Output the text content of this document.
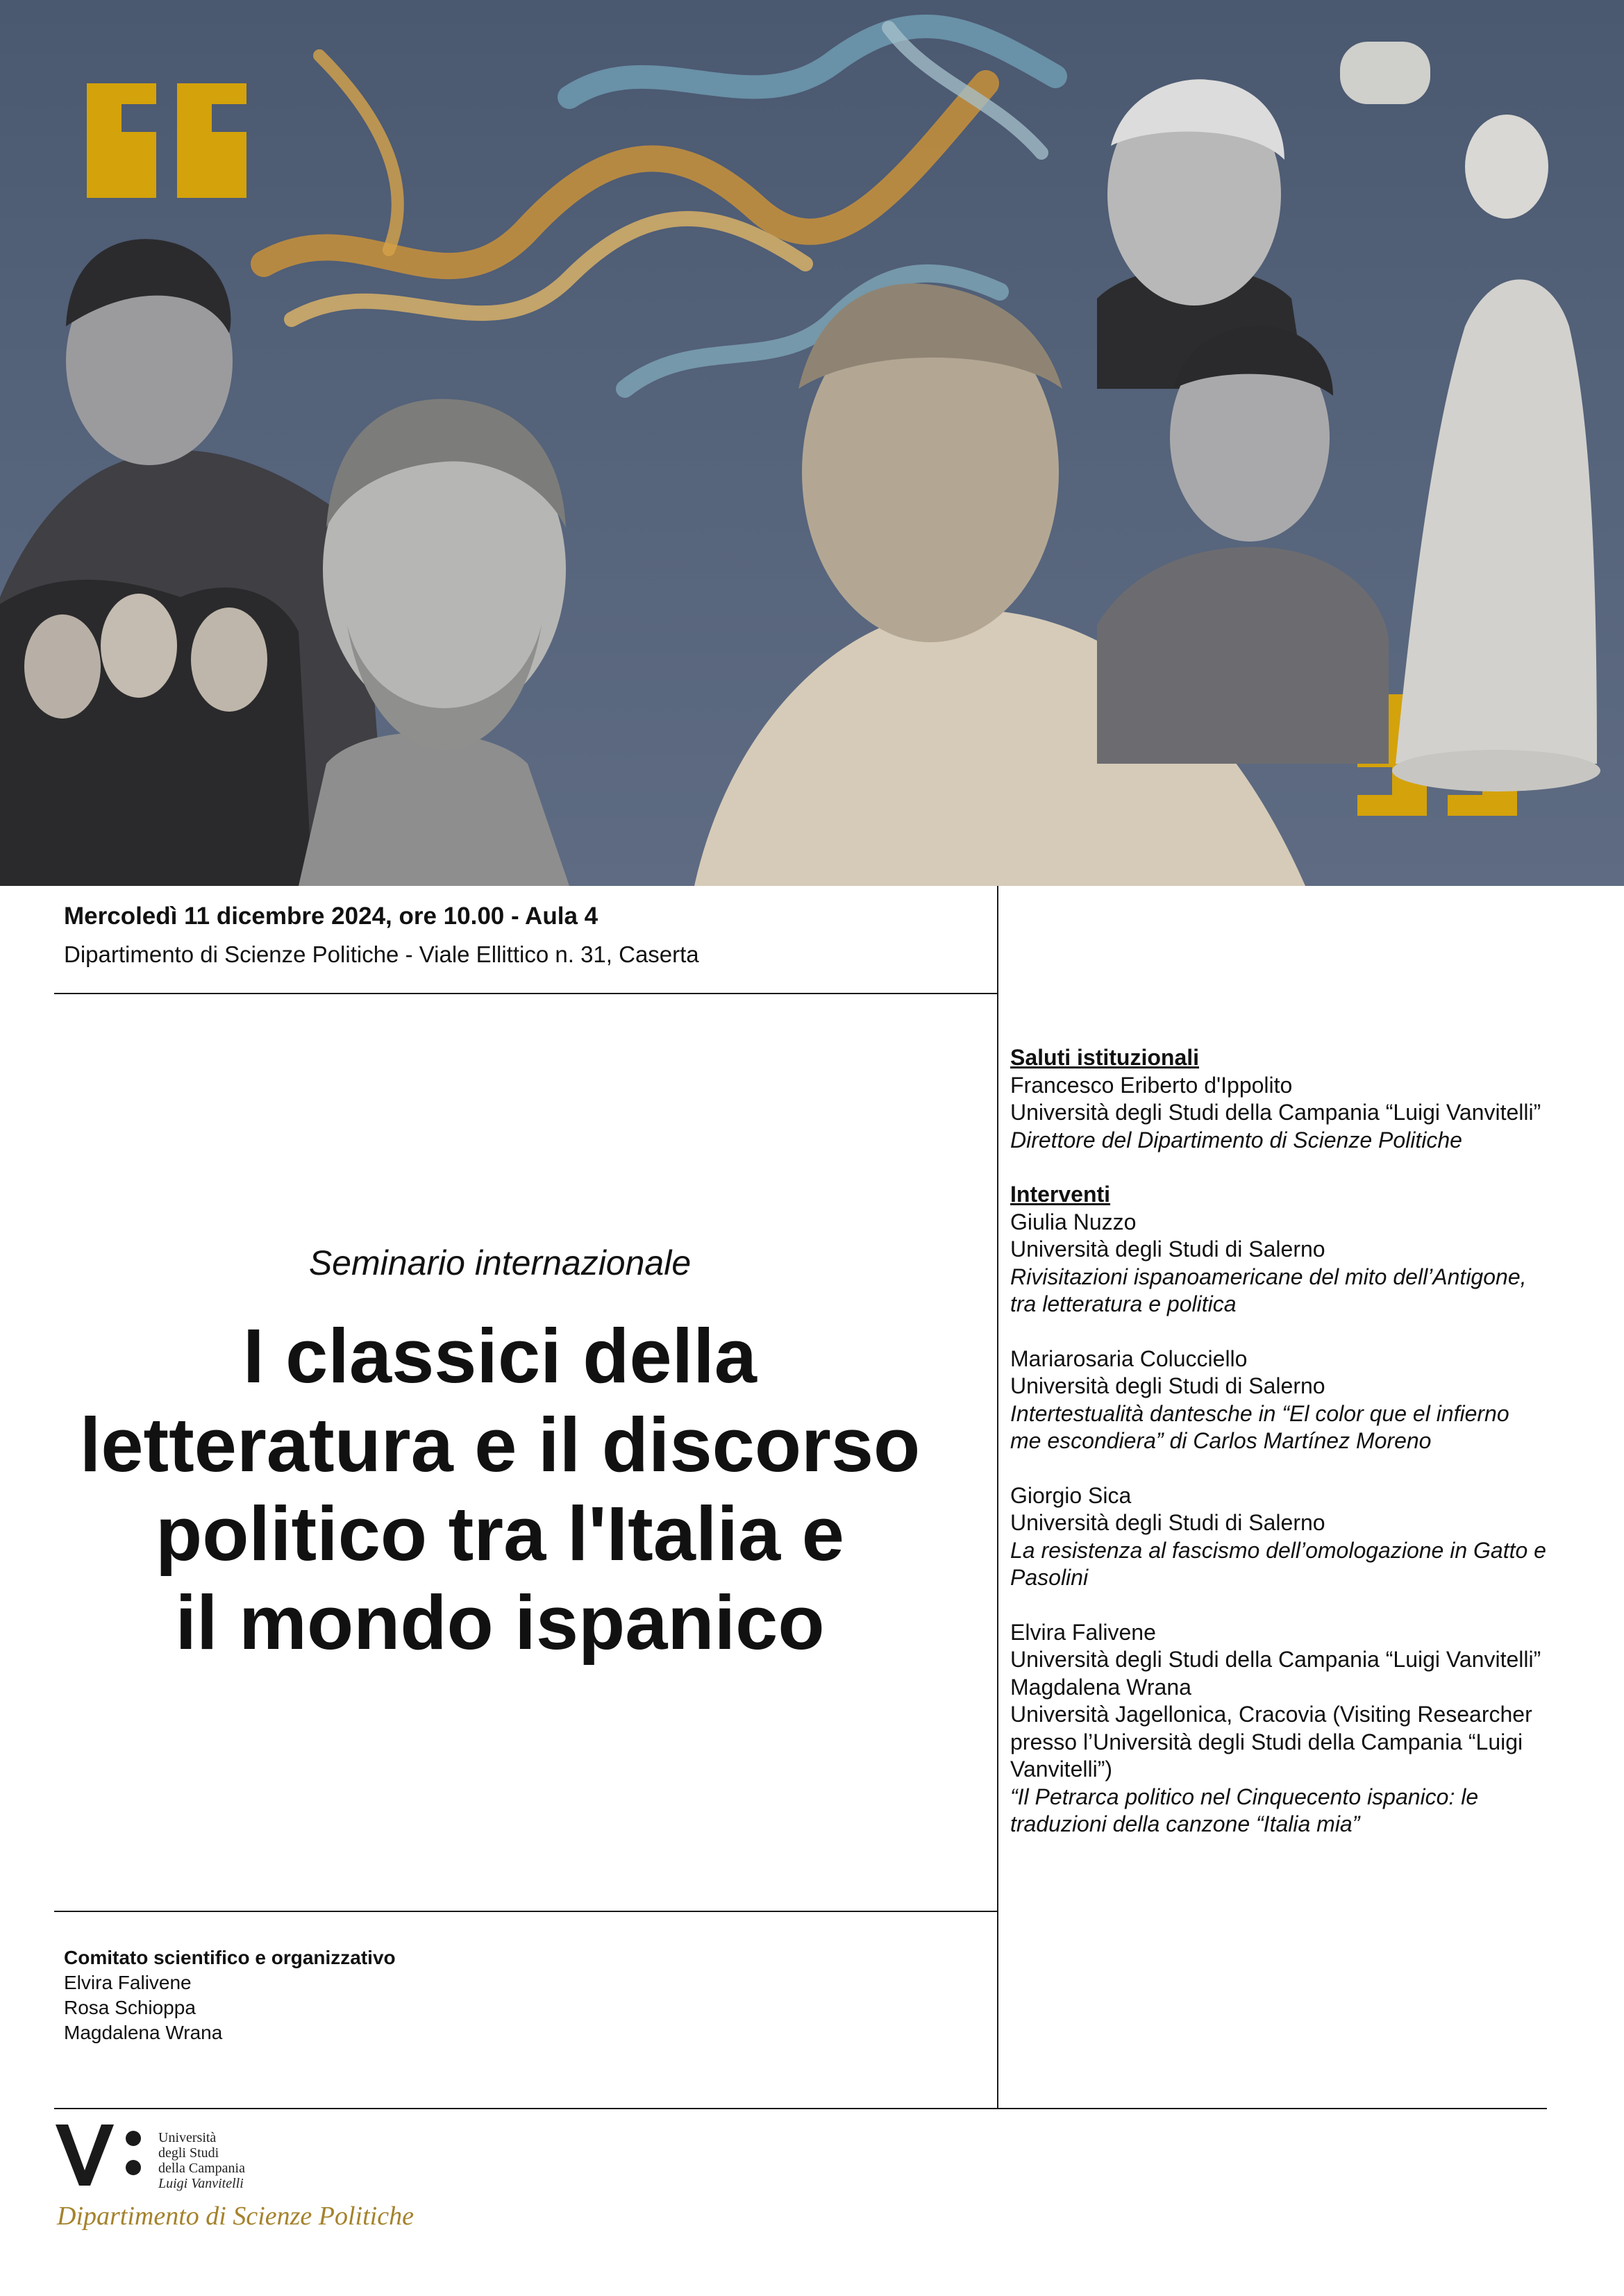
Mercoledì 11 dicembre 2024, ore 10.00 - Aula 4
Dipartimento di Scienze Politiche - Viale Ellittico n. 31, Caserta
Seminario internazionale
I classici della
letteratura e il discorso
politico tra l'Italia e
il mondo ispanico
Comitato scientifico e organizzativo
Elvira Falivene
Rosa Schioppa
Magdalena Wrana
Saluti istituzionali
Francesco Eriberto d'Ippolito
Università degli Studi della Campania “Luigi Vanvitelli”
Direttore del Dipartimento di Scienze Politiche
Interventi
Giulia Nuzzo
Università degli Studi di Salerno
Rivisitazioni ispanoamericane del mito dell’Antigone,
tra letteratura e politica
Mariarosaria Colucciello
Università degli Studi di Salerno
Intertestualità dantesche in “El color que el infierno
me escondiera” di Carlos Martínez Moreno
Giorgio Sica
Università degli Studi di Salerno
La resistenza al fascismo dell’omologazione in Gatto e
Pasolini
Elvira Falivene
Università degli Studi della Campania “Luigi Vanvitelli”
Magdalena Wrana
Università Jagellonica, Cracovia (Visiting Researcher
presso l’Università degli Studi della Campania “Luigi
Vanvitelli”)
“Il Petrarca politico nel Cinquecento ispanico: le
traduzioni della canzone “Italia mia”
Università
degli Studi
della Campania
Luigi Vanvitelli
Dipartimento di Scienze Politiche
